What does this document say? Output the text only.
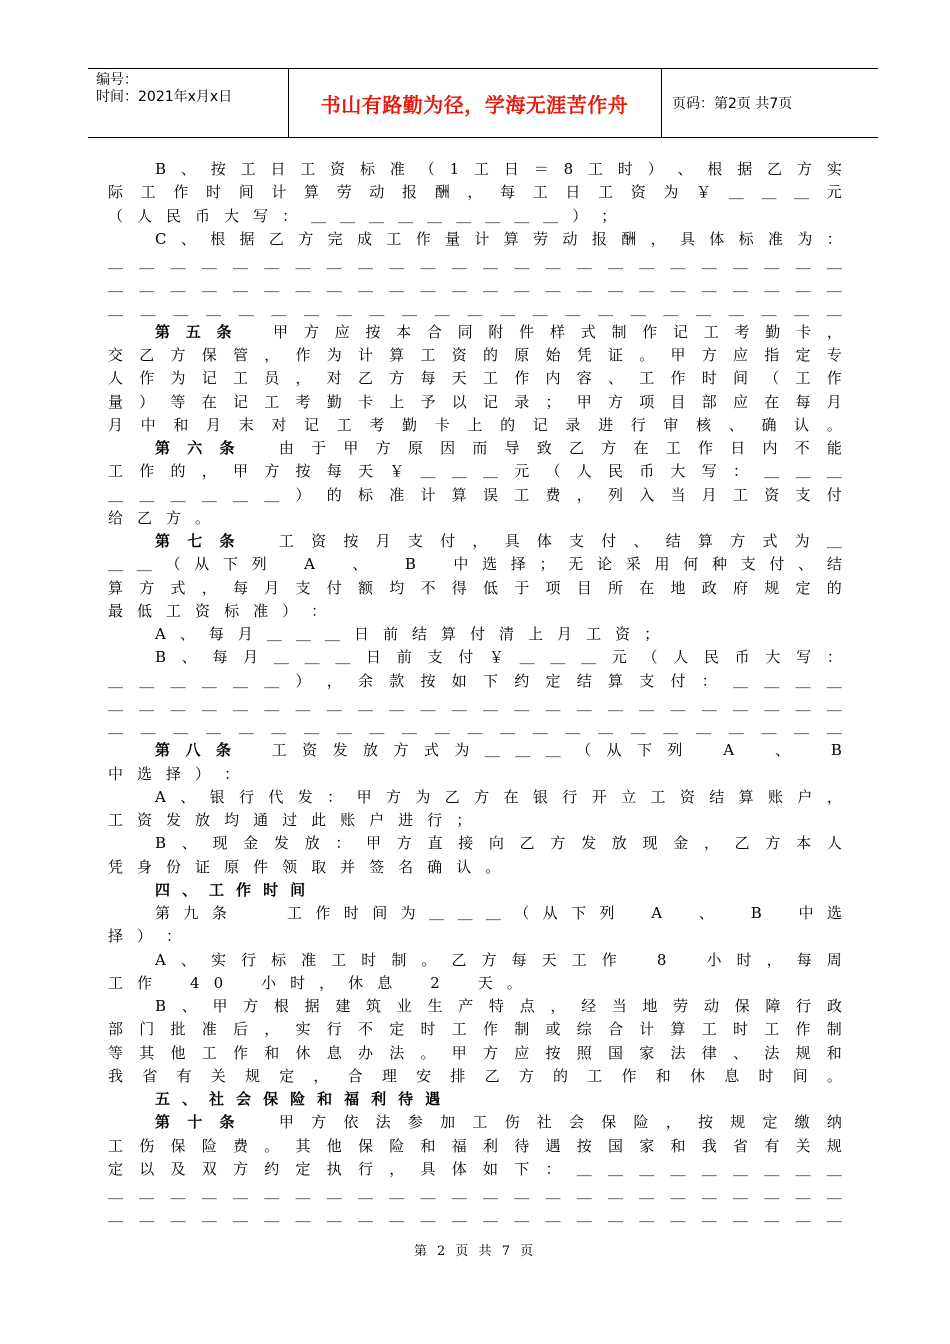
编号：
时间：2021年x月x日	书山有路勤为径，学海无涯苦作舟	页码：第2页 共7页
B 、 按 工 日 工 资 标 准 （ 1 工 日 ＝ 8 工 时 ） 、 根 据 乙 方 实
际 工 作 时 间 计 算 劳 动 报 酬 ， 每 工 日 工 资 为 ￥ ＿ ＿ ＿ 元
（ 人 民 币 大 写 ： ＿ ＿ ＿ ＿ ＿ ＿ ＿ ＿ ＿ ） ；
C 、 根 据 乙 方 完 成 工 作 量 计 算 劳 动 报 酬 ， 具 体 标 准 为 ：
＿ ＿ ＿ ＿ ＿ ＿ ＿ ＿ ＿ ＿ ＿ ＿ ＿ ＿ ＿ ＿ ＿ ＿ ＿ ＿ ＿ ＿ ＿ ＿
＿ ＿ ＿ ＿ ＿ ＿ ＿ ＿ ＿ ＿ ＿ ＿ ＿ ＿ ＿ ＿ ＿ ＿ ＿ ＿ ＿ ＿ ＿ ＿
＿ ＿ ＿ ＿ ＿ ＿ ＿ ＿ ＿ ＿ ＿ ＿ ＿ ＿ ＿ ＿ ＿ ＿ ＿ ＿ ＿ ＿ ＿
第 五 条
	甲 方 应 按 本 合 同 附 件 样 式 制 作 记 工 考 勤 卡 ，
交 乙 方 保 管 ， 作 为 计 算 工 资 的 原 始 凭 证 。 甲 方 应 指 定 专
人 作 为 记 工 员 ， 对 乙 方 每 天 工 作 内 容 、 工 作 时 间 （ 工 作
量 ） 等 在 记 工 考 勤 卡 上 予 以 记 录 ； 甲 方 项 目 部 应 在 每 月
月 中 和 月 末 对 记 工 考 勤 卡 上 的 记 录 进 行 审 核 、 确 认 。
第 六 条
	由 于 甲 方 原 因 而 导 致 乙 方 在 工 作 日 内 不 能
工 作 的 ， 甲 方 按 每 天 ￥ ＿ ＿ ＿ 元 （ 人 民 币 大 写 ： ＿ ＿ ＿
＿ ＿ ＿ ＿ ＿ ＿ ） 的 标 准 计 算 误 工 费 ， 列 入 当 月 工 资 支 付
给 乙 方 。
第 七 条
	工 资 按 月 支 付 ， 具 体 支 付 、 结 算 方 式 为 ＿
＿ ＿ （ 从 下 列
A
、
B
中 选 择 ； 无 论 采 用 何 种 支 付 、 结
算 方 式 ， 每 月 支 付 额 均 不 得 低 于 项 目 所 在 地 政 府 规 定 的
最 低 工 资 标 准 ） ：
A 、 每 月 ＿ ＿ ＿ 日 前 结 算 付 清 上 月 工 资 ；
B 、 每 月 ＿ ＿ ＿ 日 前 支 付 ￥ ＿ ＿ ＿ 元 （ 人 民 币 大 写 ：
＿ ＿ ＿ ＿ ＿ ＿ ） ， 余 款 按 如 下 约 定 结 算 支 付 ： ＿ ＿ ＿ ＿
＿ ＿ ＿ ＿ ＿ ＿ ＿ ＿ ＿ ＿ ＿ ＿ ＿ ＿ ＿ ＿ ＿ ＿ ＿ ＿ ＿ ＿ ＿ ＿
＿ ＿ ＿ ＿ ＿ ＿ ＿ ＿ ＿ ＿ ＿ ＿ ＿ ＿ ＿ ＿ ＿ ＿ ＿ ＿ ＿ ＿ ＿
第 八 条
	工 资 发 放 方 式 为 ＿ ＿ ＿ （ 从 下 列
	A
	、
	B
中 选 择 ） ：
A 、 银 行 代 发 ： 甲 方 为 乙 方 在 银 行 开 立 工 资 结 算 账 户 ，
工 资 发 放 均 通 过 此 账 户 进 行 ；
B 、 现 金 发 放 ： 甲 方 直 接 向 乙 方 发 放 现 金 ， 乙 方 本 人
凭 身 份 证 原 件 领 取 并 签 名 确 认 。
四 、 工 作 时 间
第 九 条

	工 作 时 间 为 ＿ ＿ ＿ （ 从 下 列
A
、
B
中 选
择 ） ：
A 、 实 行 标 准 工 时 制 。 乙 方 每 天 工 作
	8
	小 时 ， 每 周
工 作
	4 0
	小 时 ， 休 息
	2
	天 。
B 、 甲 方 根 据 建 筑 业 生 产 特 点 ， 经 当 地 劳 动 保 障 行 政
部 门 批 准 后 ， 实 行 不 定 时 工 作 制 或 综 合 计 算 工 时 工 作 制
等 其 他 工 作 和 休 息 办 法 。 甲 方 应 按 照 国 家 法 律 、 法 规 和
我 省 有 关 规 定 ， 合 理 安 排 乙 方 的 工 作 和 休 息 时 间 。
五 、 社 会 保 险 和 福 利 待 遇
第 十 条
	甲 方 依 法 参 加 工 伤 社 会 保 险 ， 按 规 定 缴 纳
工 伤 保 险 费 。 其 他 保 险 和 福 利 待 遇 按 国 家 和 我 省 有 关 规
定 以 及 双 方 约 定 执 行 ， 具 体 如 下 ： ＿ ＿ ＿ ＿ ＿ ＿ ＿ ＿ ＿
＿ ＿ ＿ ＿ ＿ ＿ ＿ ＿ ＿ ＿ ＿ ＿ ＿ ＿ ＿ ＿ ＿ ＿ ＿ ＿ ＿ ＿ ＿ ＿
＿ ＿ ＿ ＿ ＿ ＿ ＿ ＿ ＿ ＿ ＿ ＿ ＿ ＿ ＿ ＿ ＿ ＿ ＿ ＿ ＿ ＿ ＿ ＿
第 2 页 共 7 页
